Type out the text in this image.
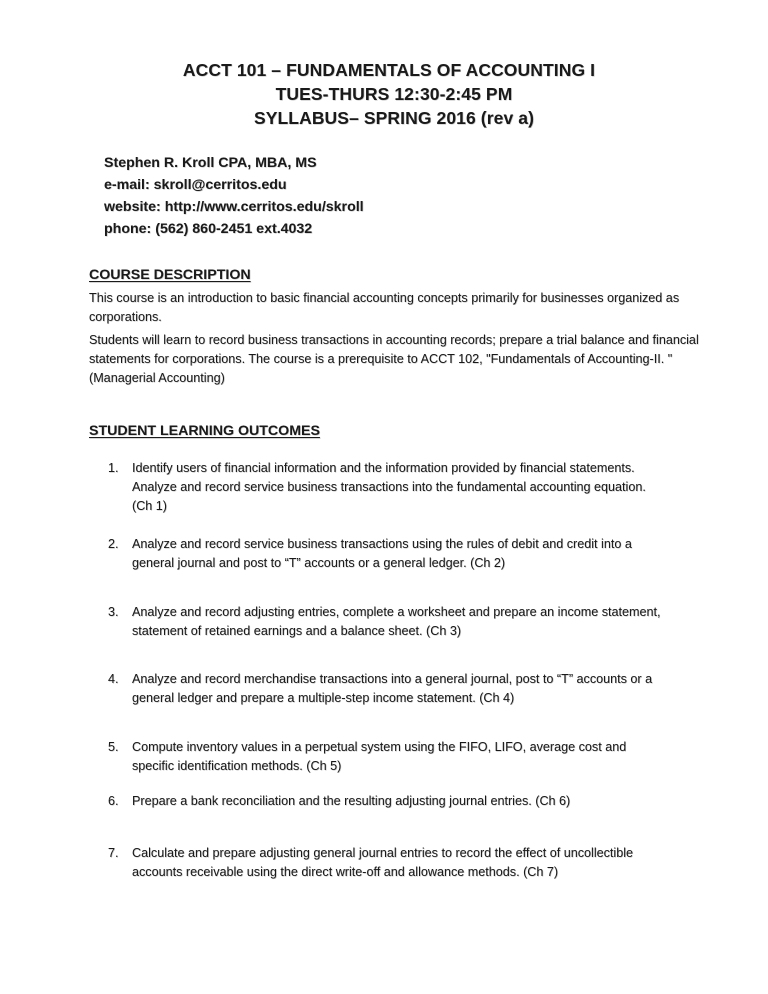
ACCT 101 – FUNDAMENTALS OF ACCOUNTING I
TUES-THURS 12:30-2:45 PM
SYLLABUS– SPRING 2016 (rev a)
Stephen R. Kroll CPA, MBA, MS
e-mail: skroll@cerritos.edu
website: http://www.cerritos.edu/skroll
phone: (562) 860-2451 ext.4032
COURSE DESCRIPTION
This course is an introduction to basic financial accounting concepts primarily for businesses organized as corporations.
Students will learn to record business transactions in accounting records; prepare a trial balance and financial statements for corporations. The course is a prerequisite to ACCT 102, "Fundamentals of Accounting-II. "(Managerial Accounting)
STUDENT LEARNING OUTCOMES
1. Identify users of financial information and the information provided by financial statements. Analyze and record service business transactions into the fundamental accounting equation. (Ch 1)
2. Analyze and record service business transactions using the rules of debit and credit into a general journal and post to “T” accounts or a general ledger. (Ch 2)
3. Analyze and record adjusting entries, complete a worksheet and prepare an income statement, statement of retained earnings and a balance sheet. (Ch 3)
4. Analyze and record merchandise transactions into a general journal, post to “T” accounts or a general ledger and prepare a multiple-step income statement. (Ch 4)
5. Compute inventory values in a perpetual system using the FIFO, LIFO, average cost and specific identification methods. (Ch 5)
6. Prepare a bank reconciliation and the resulting adjusting journal entries. (Ch 6)
7. Calculate and prepare adjusting general journal entries to record the effect of uncollectible accounts receivable using the direct write-off and allowance methods. (Ch 7)
